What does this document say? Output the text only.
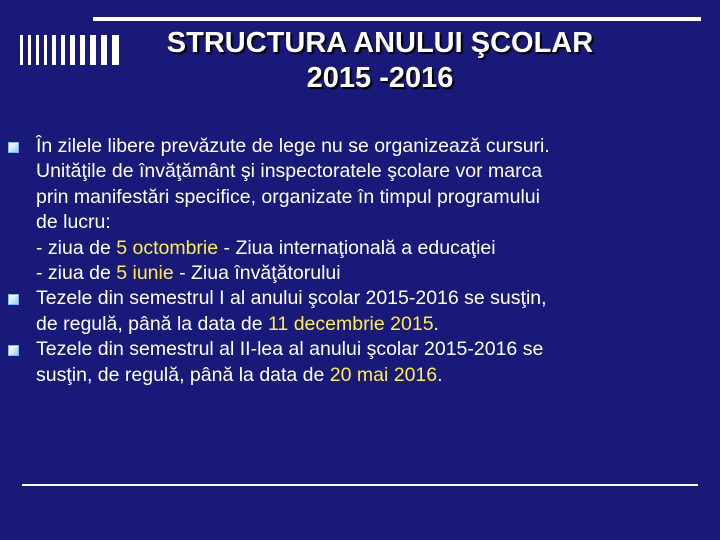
STRUCTURA ANULUI ŞCOLAR
2015 -2016
În zilele libere prevăzute de lege nu se organizează cursuri.
Unităţile de învăţământ şi inspectoratele şcolare vor marca
prin manifestări specifice, organizate în timpul programului
de lucru:
- ziua de 5 octombrie - Ziua internaţională a educaţiei
- ziua de 5 iunie - Ziua învăţătorului
Tezele din semestrul I al anului şcolar 2015-2016 se susţin,
de regulă, până la data de 11 decembrie 2015.
Tezele din semestrul al II-lea al anului şcolar 2015-2016 se
susţin, de regulă, până la data de 20 mai 2016.
